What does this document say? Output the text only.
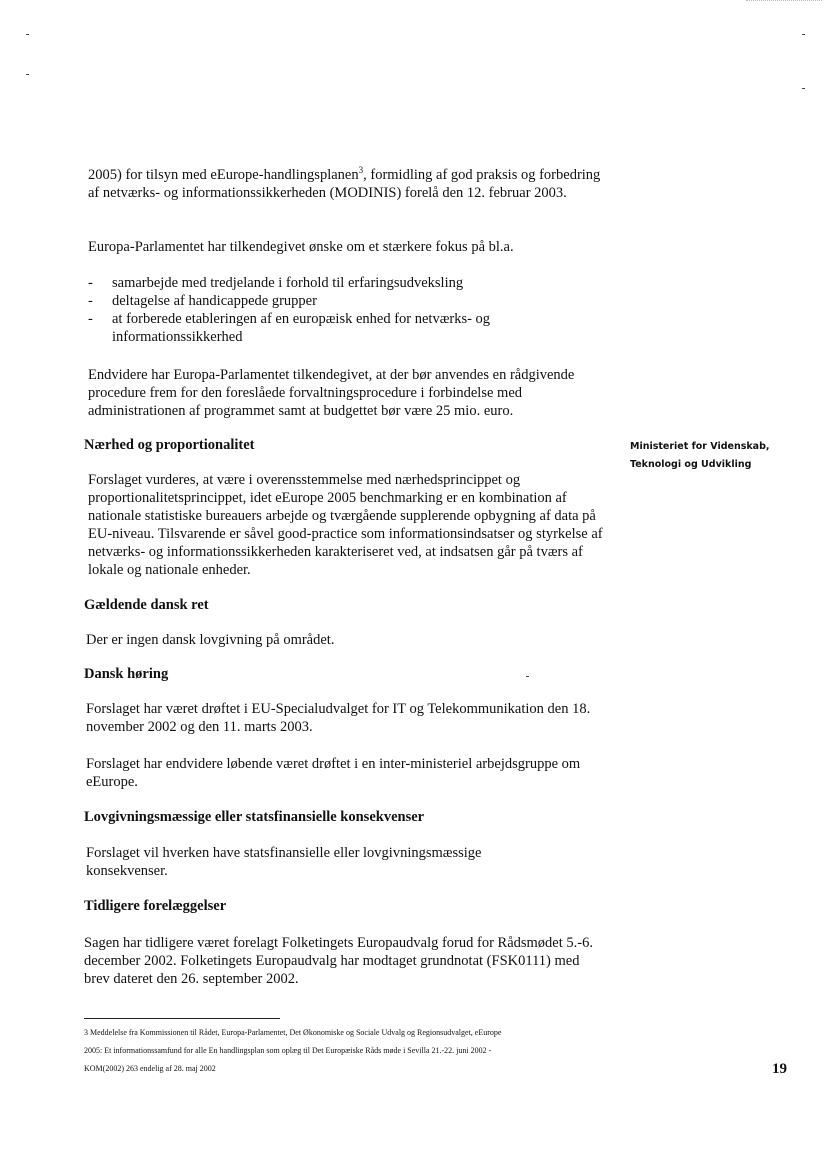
2005) for tilsyn med eEurope-handlingsplanen$^3$, formidling af god praksis og forbedring af netværks- og informationssikkerheden (MODINIS) forelå den 12. februar 2003.

Europa-Parlamentet har tilkendegivet ønske om et stærkere fokus på bl.a.

- samarbejde med tredjelande i forhold til erfaringsudveksling
- deltagelse af handicappede grupper
- at forberede etableringen af en europæisk enhed for netværks- og informationssikkerhed

Endvidere har Europa-Parlamentet tilkendegivet, at der bør anvendes en rådgivende procedure frem for den foreslåede forvaltningsprocedure i forbindelse med administrationen af programmet samt at budgettet bør være 25 mio. euro.

Nærhed og proportionalitet

Forslaget vurderes, at være i overensstemmelse med nærhedsprincippet og proportionalitetsprincippet, idet eEurope 2005 benchmarking er en kombination af nationale statistiske bureauers arbejde og tværgående supplerende opbygning af data på EU-niveau. Tilsvarende er såvel good-practice som informationsindsatser og styrkelse af netværks- og informationssikkerheden karakteriseret ved, at indsatsen går på tværs af lokale og nationale enheder.

Gældende dansk ret

Der er ingen dansk lovgivning på området.

Dansk høring

Forslaget har været drøftet i EU-Specialudvalget for IT og Telekommunikation den 18. november 2002 og den 11. marts 2003.

Forslaget har endvidere løbende været drøftet i en inter-ministeriel arbejdsgruppe om eEurope.

Lovgivningsmæssige eller statsfinansielle konsekvenser

Forslaget vil hverken have statsfinansielle eller lovgivningsmæssige konsekvenser.

Tidligere forelæggelser

Sagen har tidligere været forelagt Folketingets Europaudvalg forud for Rådsmødet 5.-6. december 2002. Folketingets Europaudvalg har modtaget grundnotat (FSK0111) med brev dateret den 26. september 2002.

Ministeriet for Videnskab,
Teknologi og Udvikling
3 Meddelelse fra Kommissionen til Rådet, Europa-Parlamentet, Det Økonomiske og Sociale Udvalg og Regionsudvalget, eEurope
2005: Et informationssamfund for alle En handlingsplan som oplæg til Det Europæiske Råds møde i Sevilla 21.-22. juni 2002 -
KOM(2002) 263 endelig af 28. maj 2002	19
